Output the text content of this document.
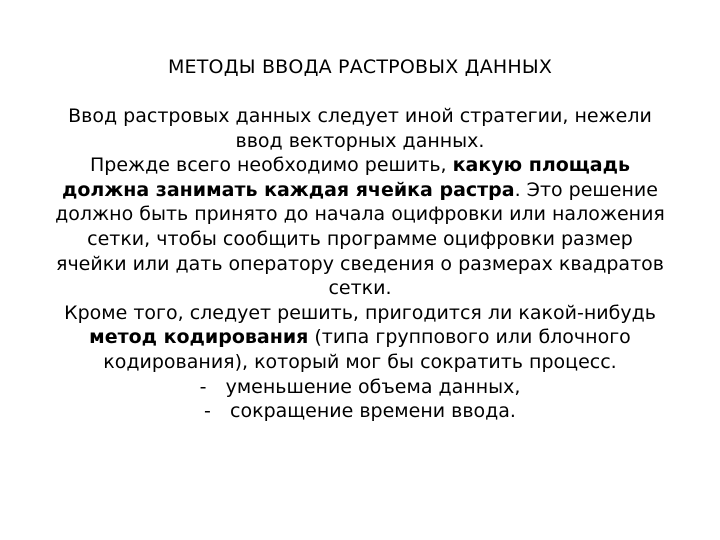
МЕТОДЫ ВВОДА РАСТРОВЫХ ДАННЫХ

Ввод растровых данных следует иной стратегии, нежели ввод векторных данных.

Прежде всего необходимо решить, какую площадь должна занимать каждая ячейка растра. Это решение должно быть принято до начала оцифровки или наложения сетки, чтобы сообщить программе оцифровки размер ячейки или дать оператору сведения о размерах квадратов сетки.

Кроме того, следует решить, пригодится ли какой-нибудь метод кодирования (типа группового или блочного кодирования), который мог бы сократить процесс.

- уменьшение объема данных,

- сокращение времени ввода.
